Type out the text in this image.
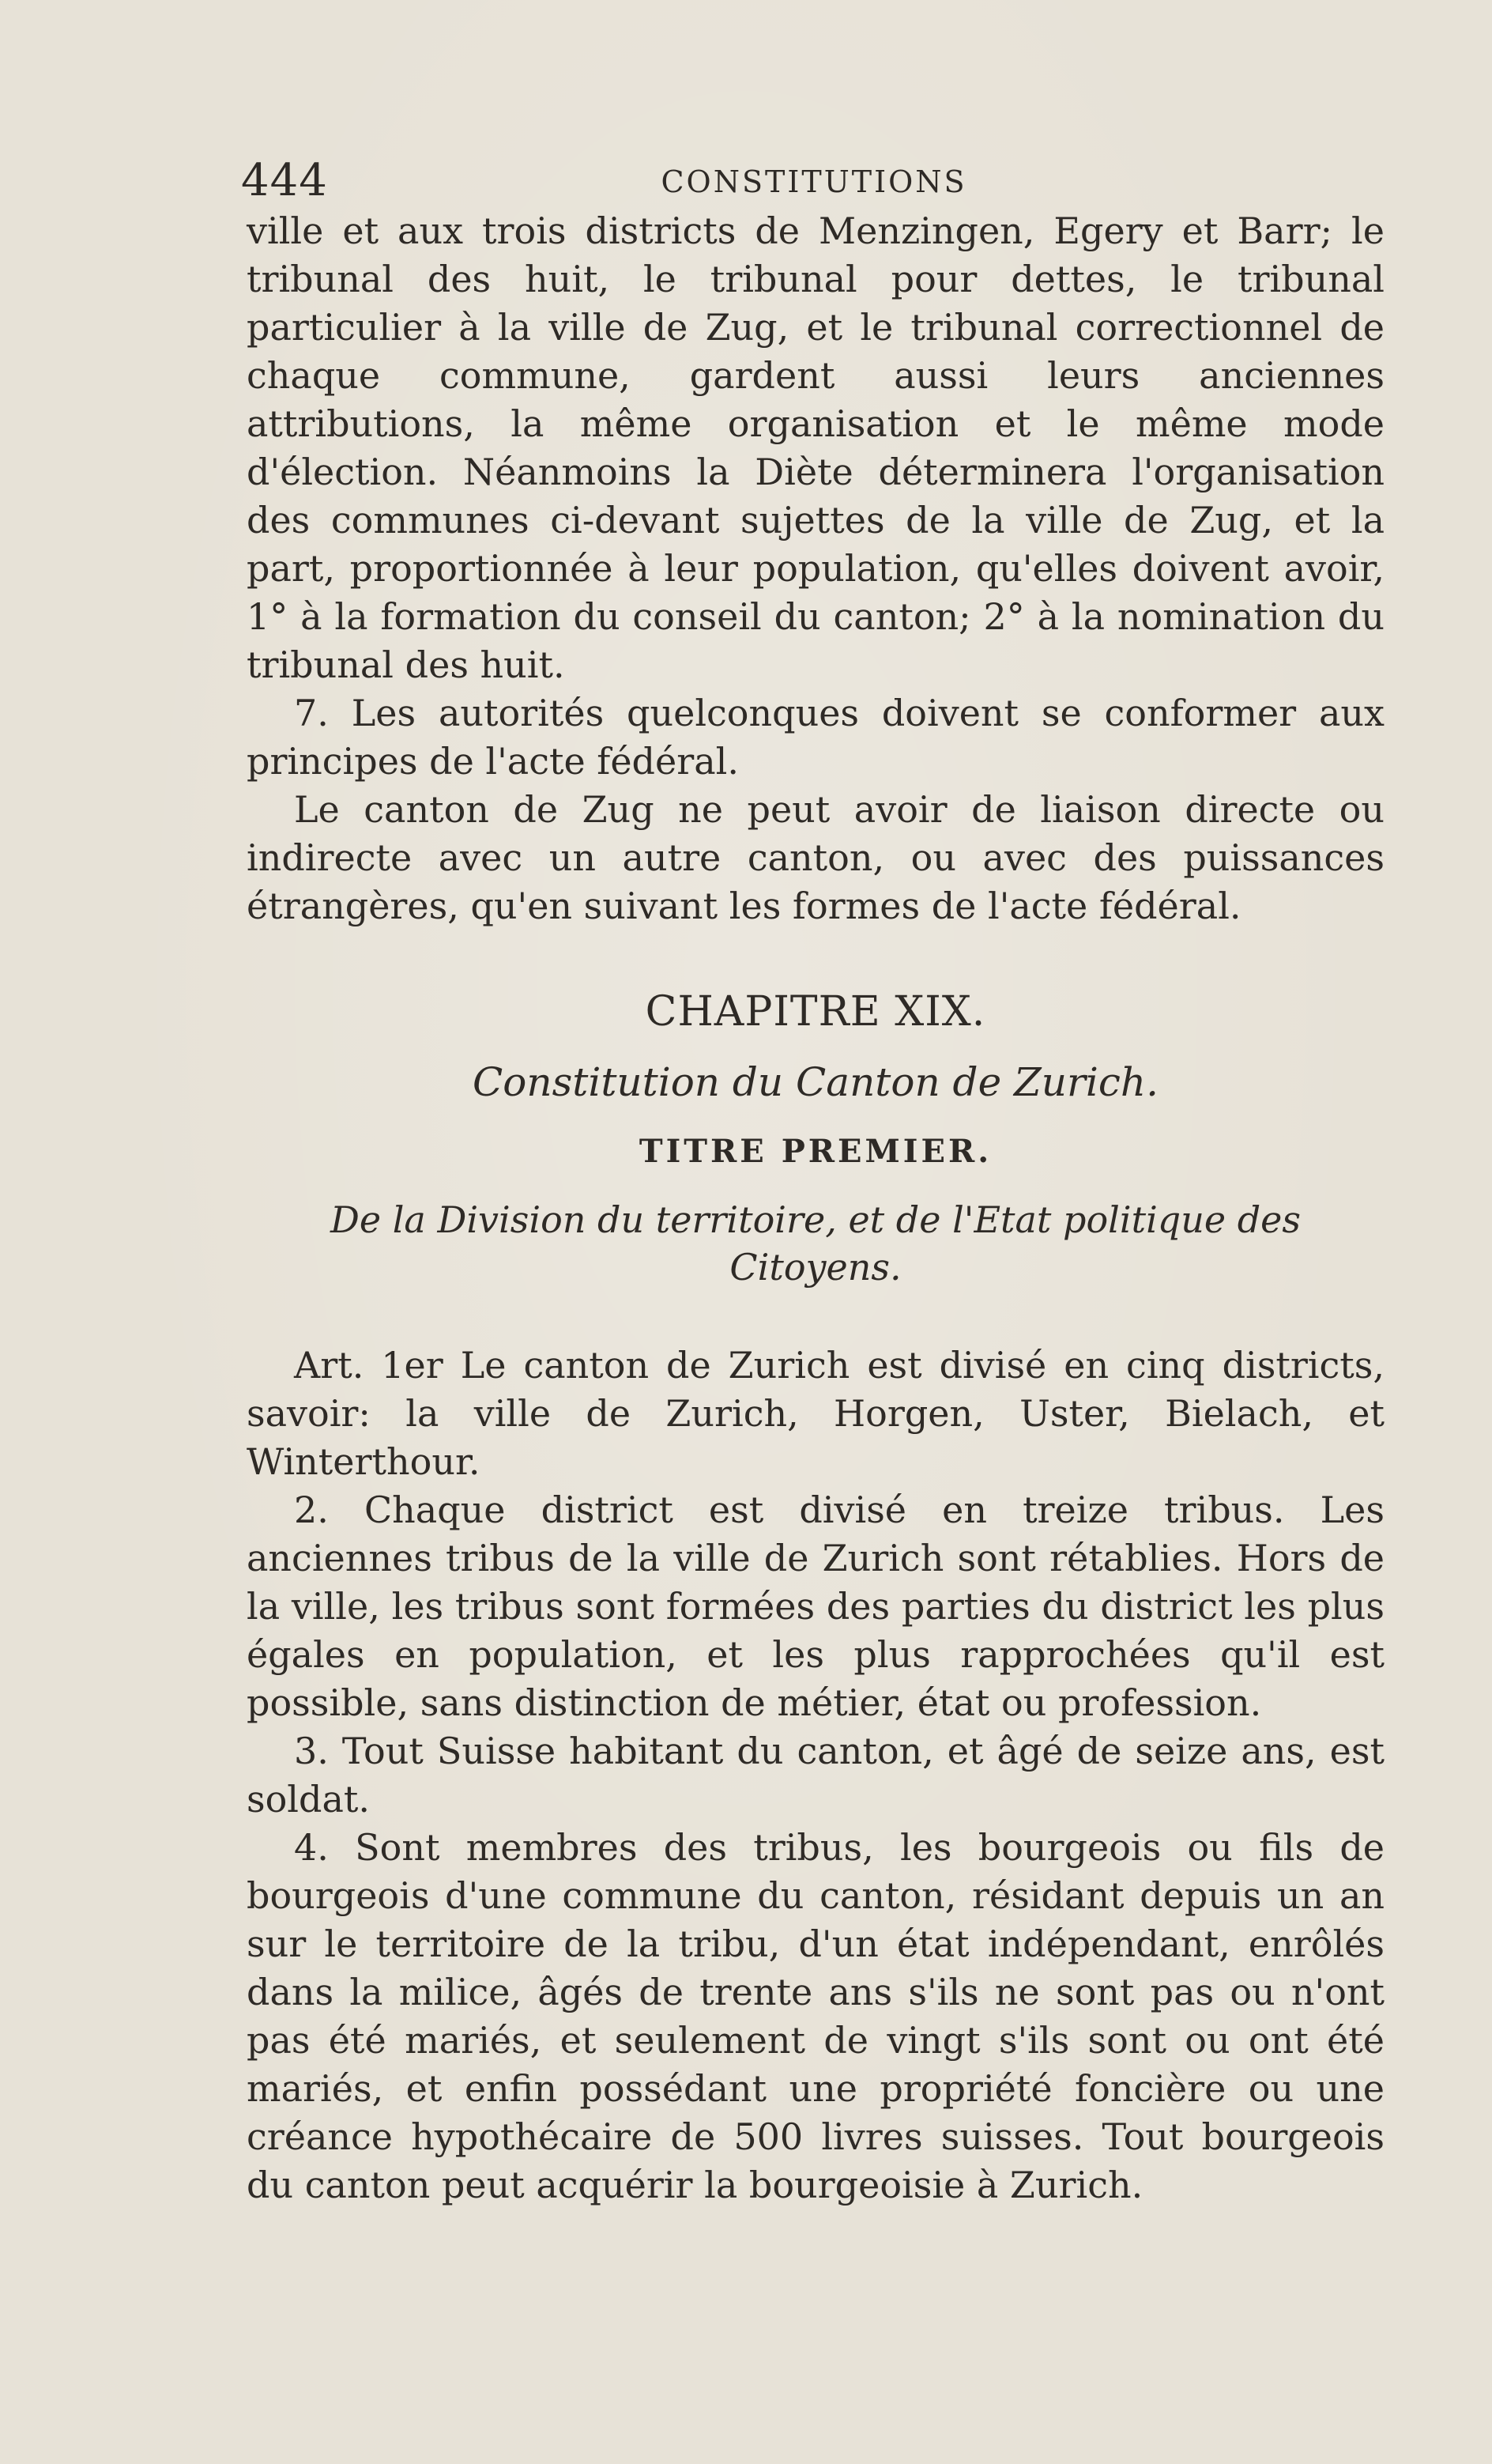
444	CONSTITUTIONS

ville et aux trois districts de Menzingen, Egery et Barr; le tribunal des huit, le tribunal pour dettes, le tribunal particulier à la ville de Zug, et le tribunal correctionnel de chaque commune, gardent aussi leurs anciennes attributions, la même organisation et le même mode d'élection. Néanmoins la Diète déterminera l'organisation des communes ci-devant sujettes de la ville de Zug, et la part, proportionnée à leur population, qu'elles doivent avoir, 1° à la formation du conseil du canton; 2° à la nomination du tribunal des huit.

7. Les autorités quelconques doivent se conformer aux principes de l'acte fédéral.

Le canton de Zug ne peut avoir de liaison directe ou indirecte avec un autre canton, ou avec des puissances étrangères, qu'en suivant les formes de l'acte fédéral.

CHAPITRE XIX.

Constitution du Canton de Zurich.

TITRE PREMIER.

De la Division du territoire, et de l'Etat politique des Citoyens.

Art. 1er Le canton de Zurich est divisé en cinq districts, savoir: la ville de Zurich, Horgen, Uster, Bielach, et Winterthour.

2. Chaque district est divisé en treize tribus. Les anciennes tribus de la ville de Zurich sont rétablies. Hors de la ville, les tribus sont formées des parties du district les plus égales en population, et les plus rapprochées qu'il est possible, sans distinction de métier, état ou profession.

3. Tout Suisse habitant du canton, et âgé de seize ans, est soldat.

4. Sont membres des tribus, les bourgeois ou fils de bourgeois d'une commune du canton, résidant depuis un an sur le territoire de la tribu, d'un état indépendant, enrôlés dans la milice, âgés de trente ans s'ils ne sont pas ou n'ont pas été mariés, et seulement de vingt s'ils sont ou ont été mariés, et enfin possédant une propriété foncière ou une créance hypothécaire de 500 livres suisses. Tout bourgeois du canton peut acquérir la bourgeoisie à Zurich.
